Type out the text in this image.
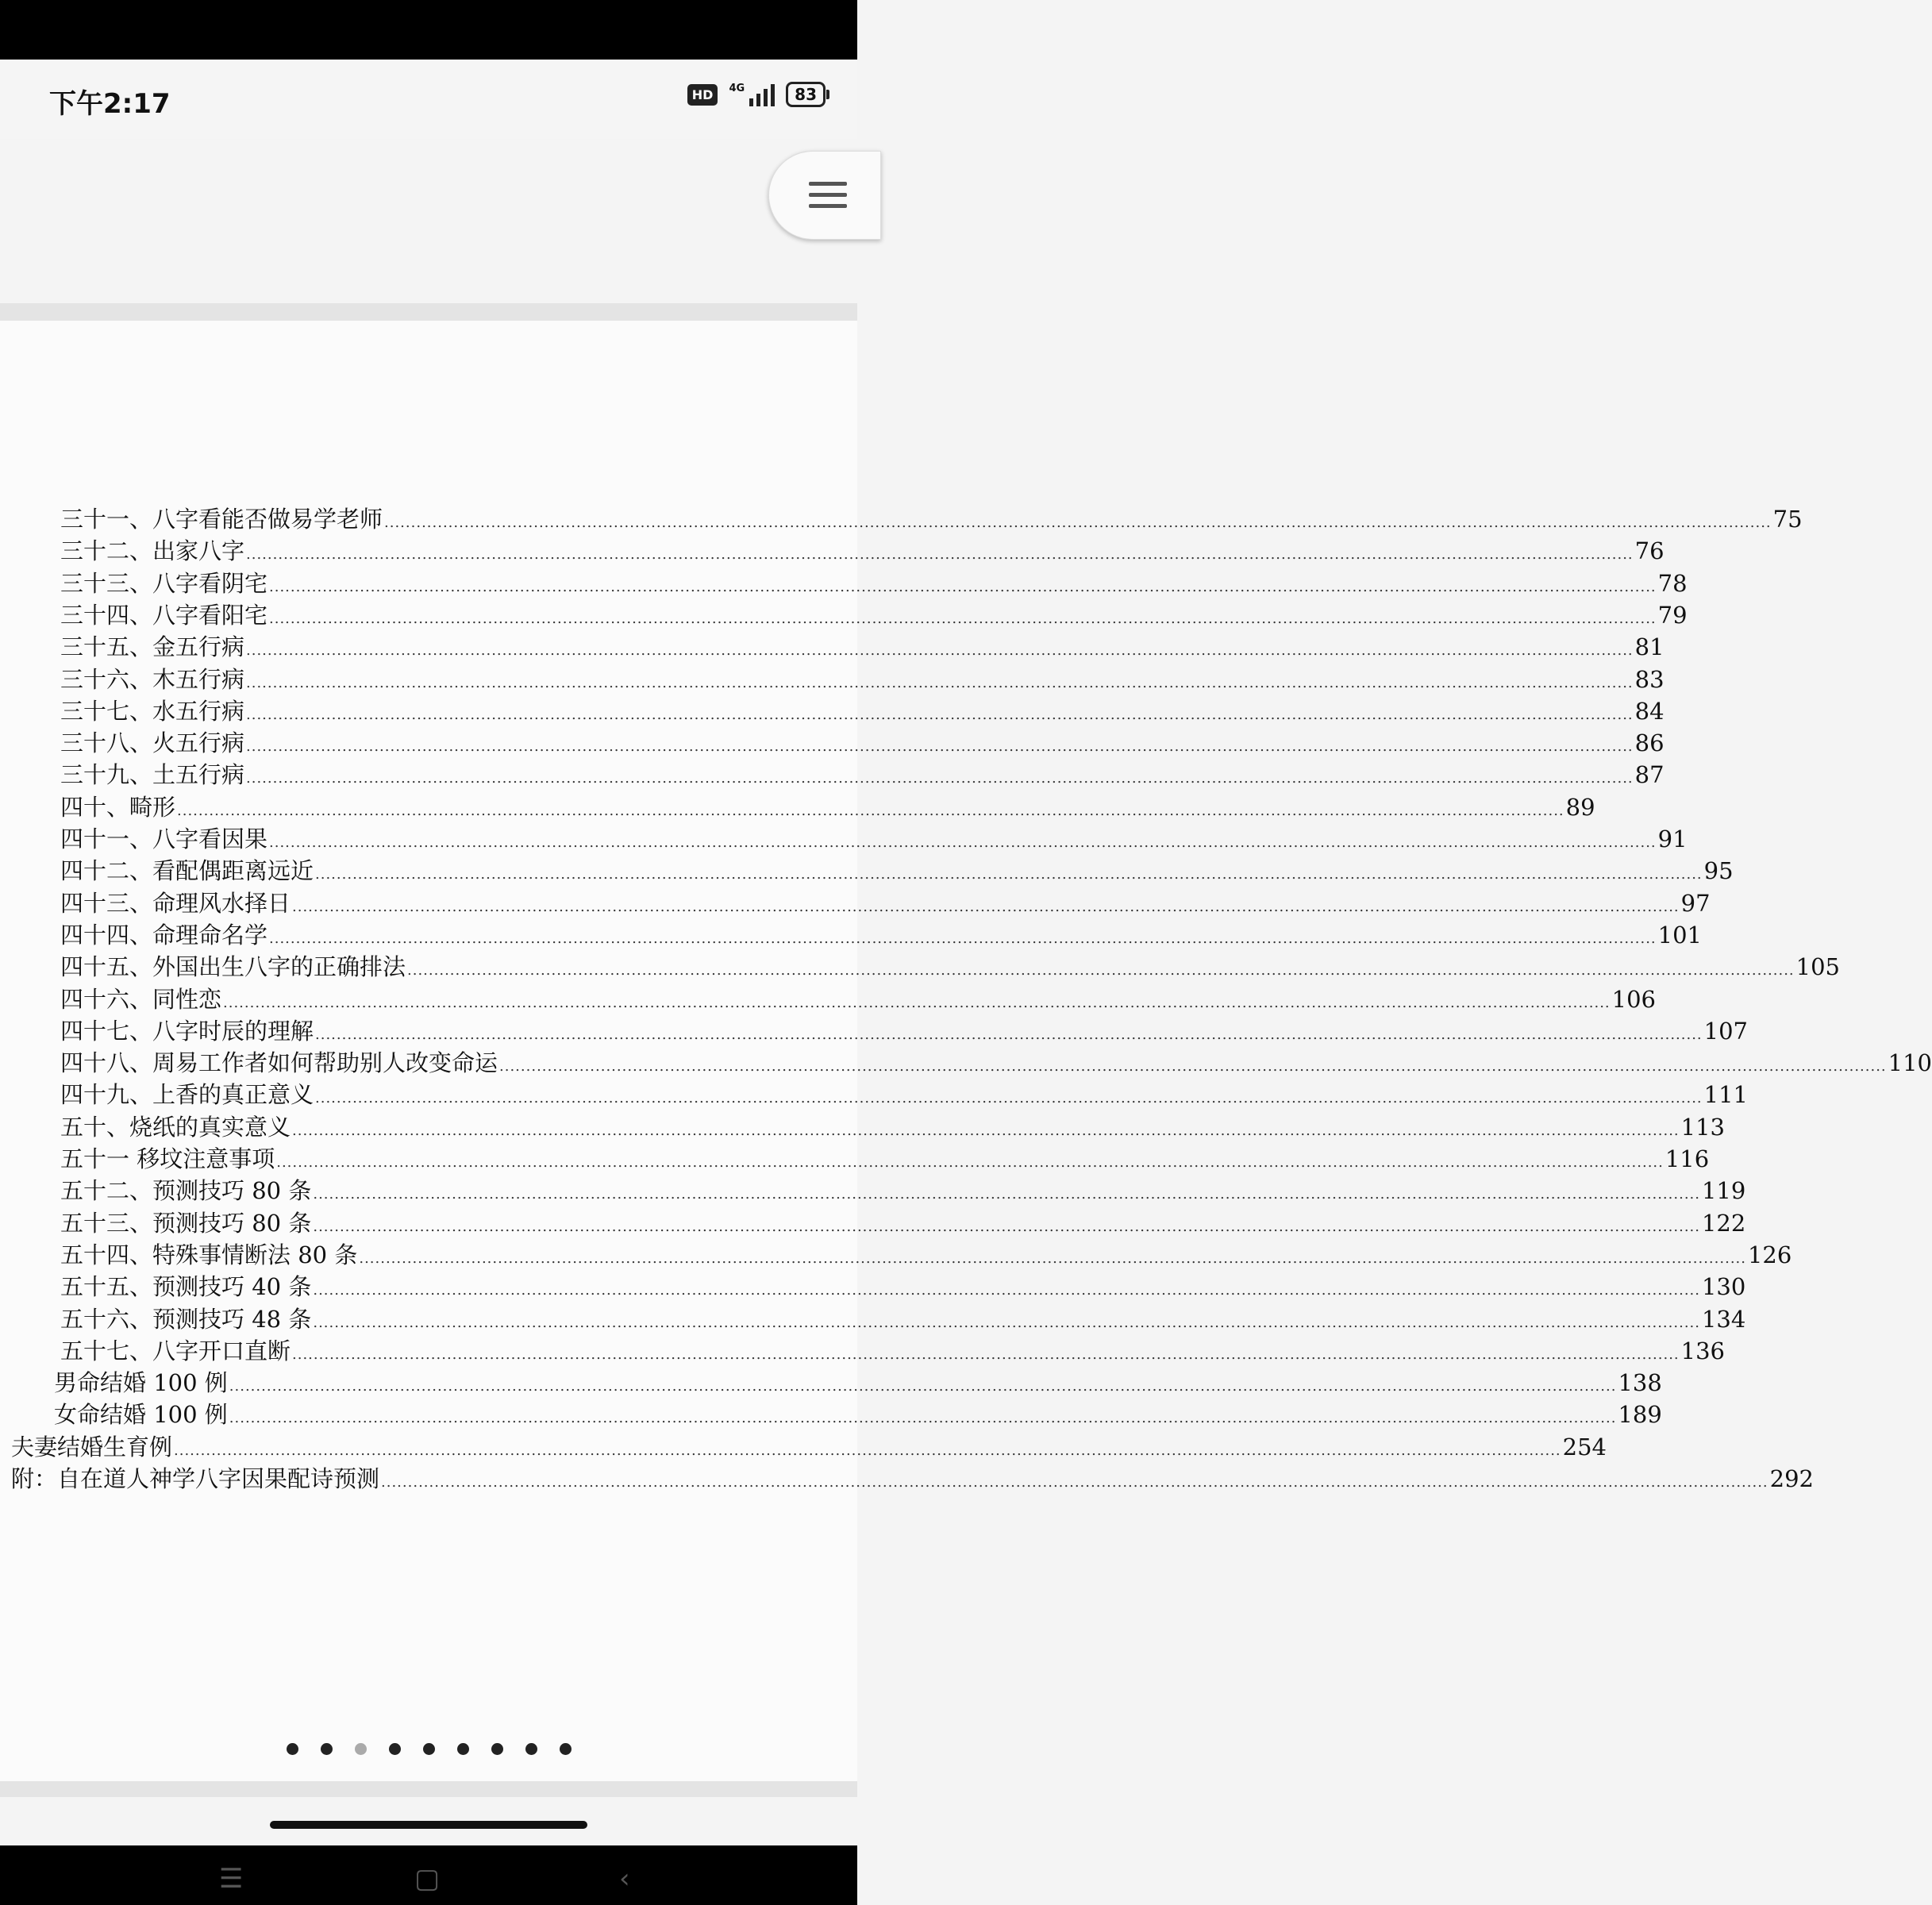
下午2:17	HD	4G	83
三十一、八字看能否做易学老师 .................................................................................................................................................................................................................................................................... 75
三十二、出家八字 .................................................................................................................................................................................................................................................................... 76
三十三、八字看阴宅 .................................................................................................................................................................................................................................................................... 78
三十四、八字看阳宅 .................................................................................................................................................................................................................................................................... 79
三十五、金五行病 .................................................................................................................................................................................................................................................................... 81
三十六、木五行病 .................................................................................................................................................................................................................................................................... 83
三十七、水五行病 .................................................................................................................................................................................................................................................................... 84
三十八、火五行病 .................................................................................................................................................................................................................................................................... 86
三十九、土五行病 .................................................................................................................................................................................................................................................................... 87
四十、畸形 .................................................................................................................................................................................................................................................................... 89
四十一、八字看因果 .................................................................................................................................................................................................................................................................... 91
四十二、看配偶距离远近 .................................................................................................................................................................................................................................................................... 95
四十三、命理风水择日 .................................................................................................................................................................................................................................................................... 97
四十四、命理命名学 .................................................................................................................................................................................................................................................................... 101
四十五、外国出生八字的正确排法 .................................................................................................................................................................................................................................................................... 105
四十六、同性恋 .................................................................................................................................................................................................................................................................... 106
四十七、八字时辰的理解 .................................................................................................................................................................................................................................................................... 107
四十八、周易工作者如何帮助别人改变命运 .................................................................................................................................................................................................................................................................... 110
四十九、上香的真正意义 .................................................................................................................................................................................................................................................................... 111
五十、烧纸的真实意义 .................................................................................................................................................................................................................................................................... 113
五十一 移坟注意事项 .................................................................................................................................................................................................................................................................... 116
五十二、预测技巧 80 条 .................................................................................................................................................................................................................................................................... 119
五十三、预测技巧 80 条 .................................................................................................................................................................................................................................................................... 122
五十四、特殊事情断法 80 条 .................................................................................................................................................................................................................................................................... 126
五十五、预测技巧 40 条 .................................................................................................................................................................................................................................................................... 130
五十六、预测技巧 48 条 .................................................................................................................................................................................................................................................................... 134
五十七、八字开口直断 .................................................................................................................................................................................................................................................................... 136
男命结婚 100 例 .................................................................................................................................................................................................................................................................... 138
女命结婚 100 例 .................................................................................................................................................................................................................................................................... 189
夫妻结婚生育例 .................................................................................................................................................................................................................................................................... 254
附：自在道人神学八字因果配诗预测 .................................................................................................................................................................................................................................................................... 292
☰	▢	‹
